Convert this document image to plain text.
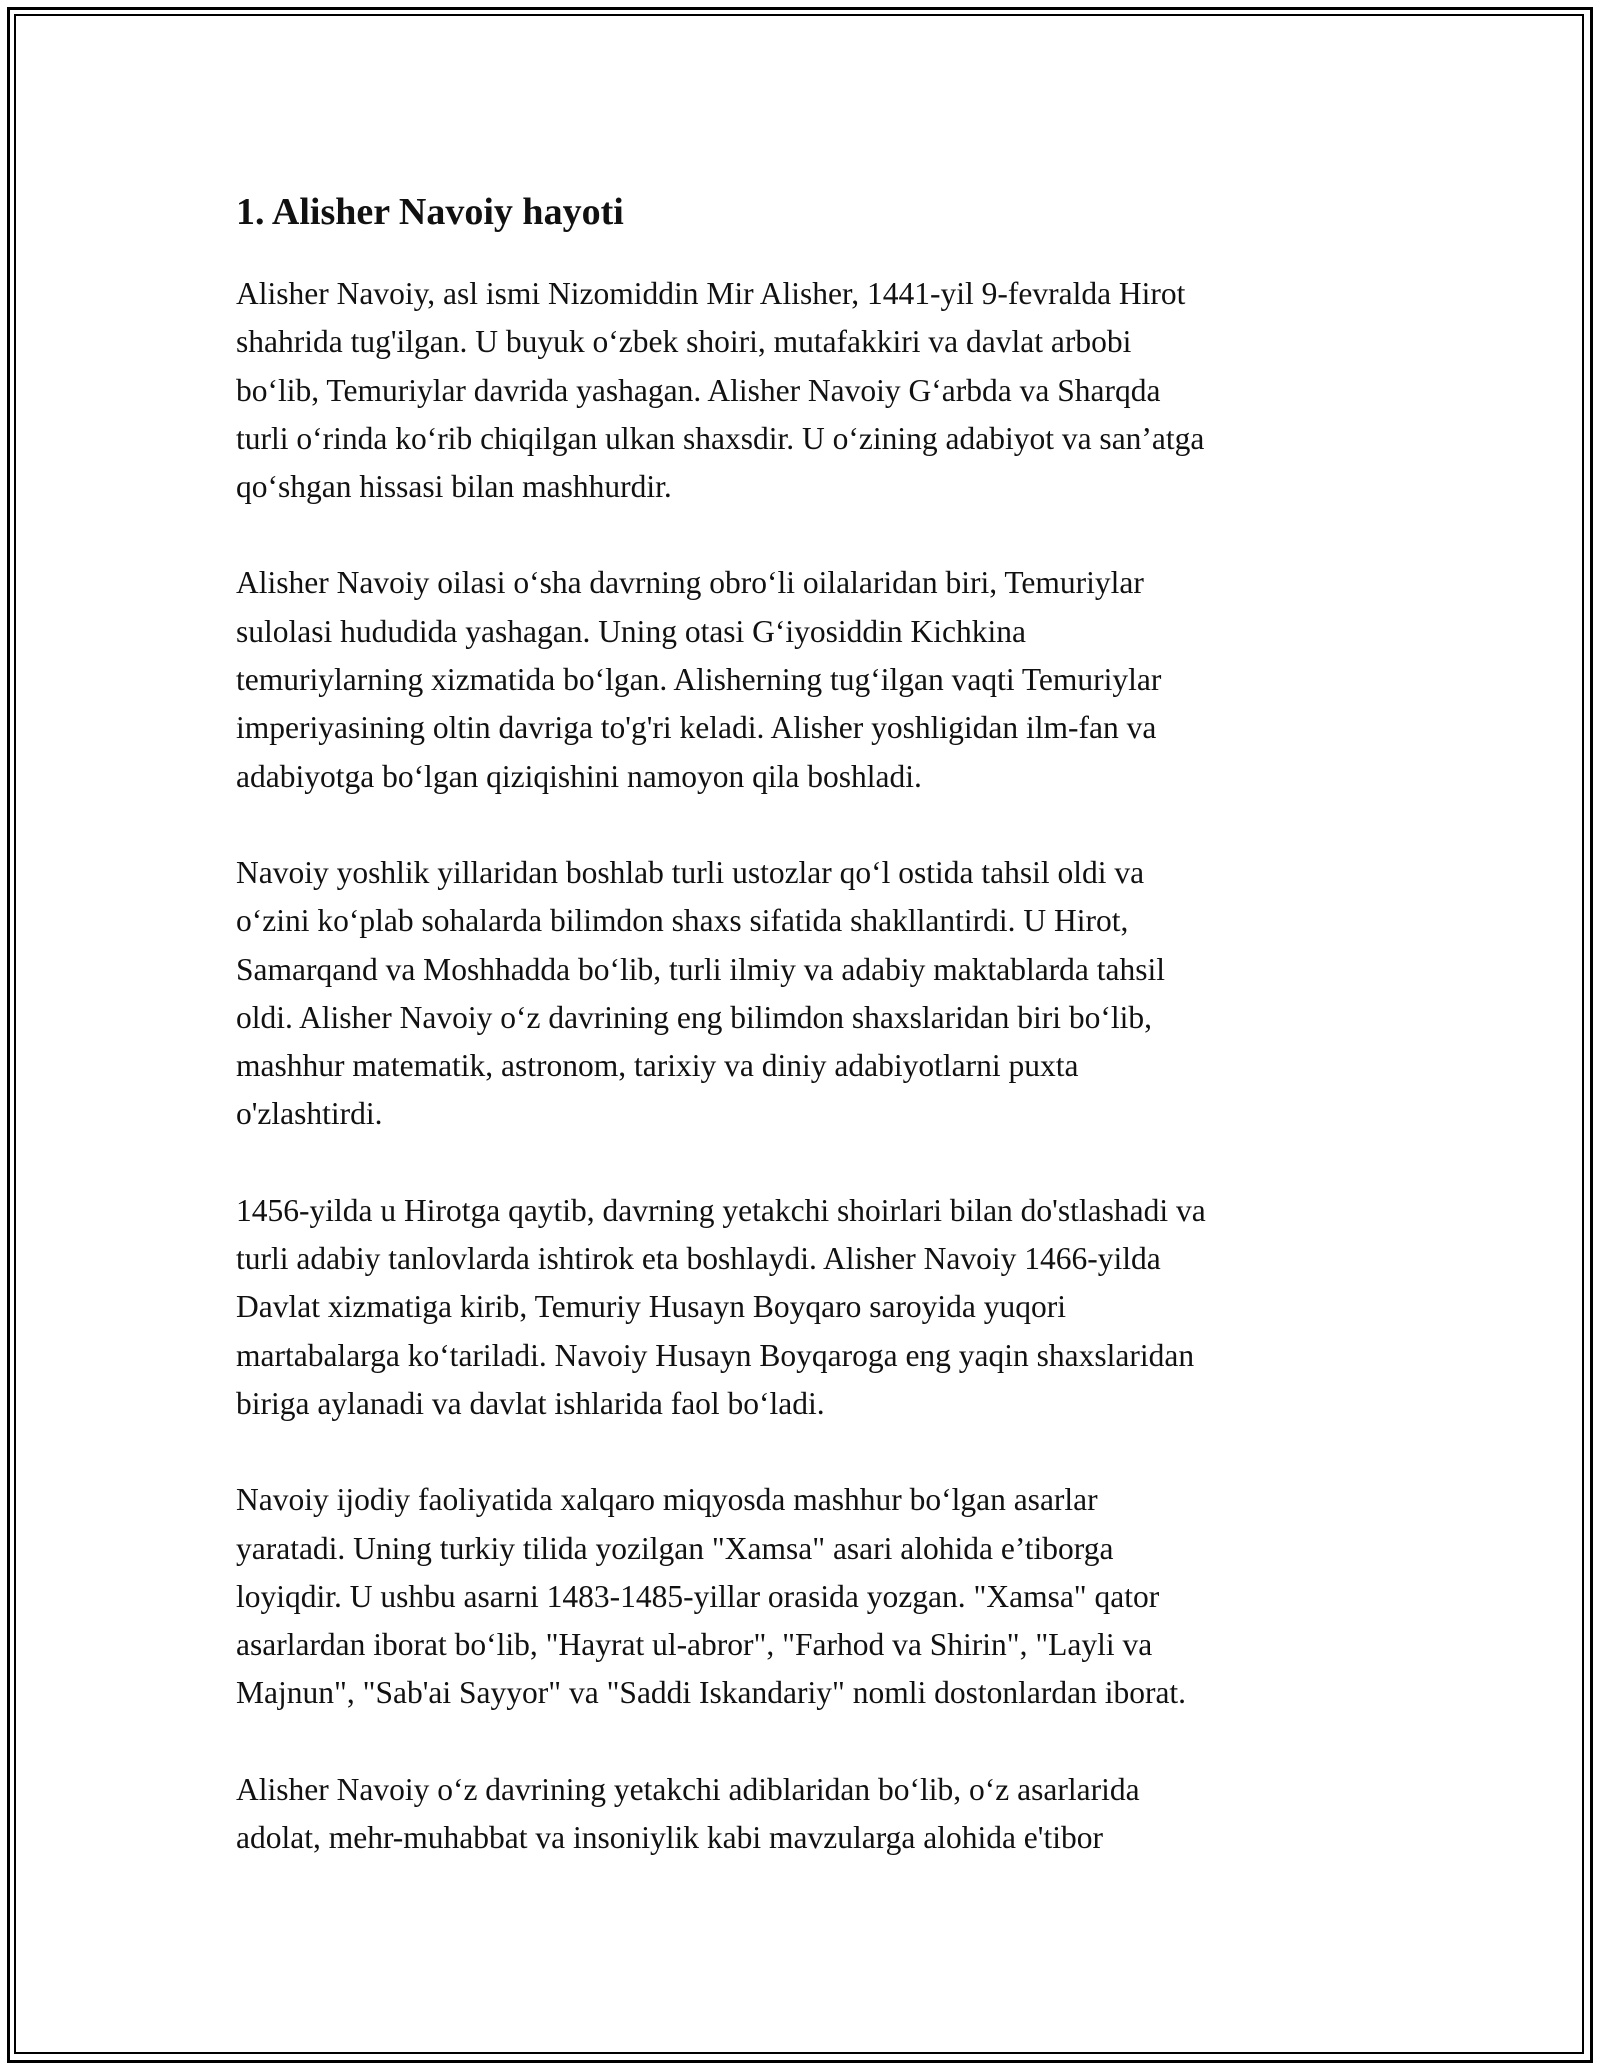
1. Alisher Navoiy hayoti

Alisher Navoiy, asl ismi Nizomiddin Mir Alisher, 1441-yil 9-fevralda Hirot
shahrida tug'ilgan. U buyuk o‘zbek shoiri, mutafakkiri va davlat arbobi
bo‘lib, Temuriylar davrida yashagan. Alisher Navoiy G‘arbda va Sharqda
turli o‘rinda ko‘rib chiqilgan ulkan shaxsdir. U o‘zining adabiyot va san’atga
qo‘shgan hissasi bilan mashhurdir.

Alisher Navoiy oilasi o‘sha davrning obro‘li oilalaridan biri, Temuriylar
sulolasi hududida yashagan. Uning otasi G‘iyosiddin Kichkina
temuriylarning xizmatida bo‘lgan. Alisherning tug‘ilgan vaqti Temuriylar
imperiyasining oltin davriga to'g'ri keladi. Alisher yoshligidan ilm-fan va
adabiyotga bo‘lgan qiziqishini namoyon qila boshladi.

Navoiy yoshlik yillaridan boshlab turli ustozlar qo‘l ostida tahsil oldi va
o‘zini ko‘plab sohalarda bilimdon shaxs sifatida shakllantirdi. U Hirot,
Samarqand va Moshhadda bo‘lib, turli ilmiy va adabiy maktablarda tahsil
oldi. Alisher Navoiy o‘z davrining eng bilimdon shaxslaridan biri bo‘lib,
mashhur matematik, astronom, tarixiy va diniy adabiyotlarni puxta
o'zlashtirdi.

1456-yilda u Hirotga qaytib, davrning yetakchi shoirlari bilan do'stlashadi va
turli adabiy tanlovlarda ishtirok eta boshlaydi. Alisher Navoiy 1466-yilda
Davlat xizmatiga kirib, Temuriy Husayn Boyqaro saroyida yuqori
martabalarga ko‘tariladi. Navoiy Husayn Boyqaroga eng yaqin shaxslaridan
biriga aylanadi va davlat ishlarida faol bo‘ladi.

Navoiy ijodiy faoliyatida xalqaro miqyosda mashhur bo‘lgan asarlar
yaratadi. Uning turkiy tilida yozilgan "Xamsa" asari alohida e’tiborga
loyiqdir. U ushbu asarni 1483-1485-yillar orasida yozgan. "Xamsa" qator
asarlardan iborat bo‘lib, "Hayrat ul-abror", "Farhod va Shirin", "Layli va
Majnun", "Sab'ai Sayyor" va "Saddi Iskandariy" nomli dostonlardan iborat.

Alisher Navoiy o‘z davrining yetakchi adiblaridan bo‘lib, o‘z asarlarida
adolat, mehr-muhabbat va insoniylik kabi mavzularga alohida e'tibor
